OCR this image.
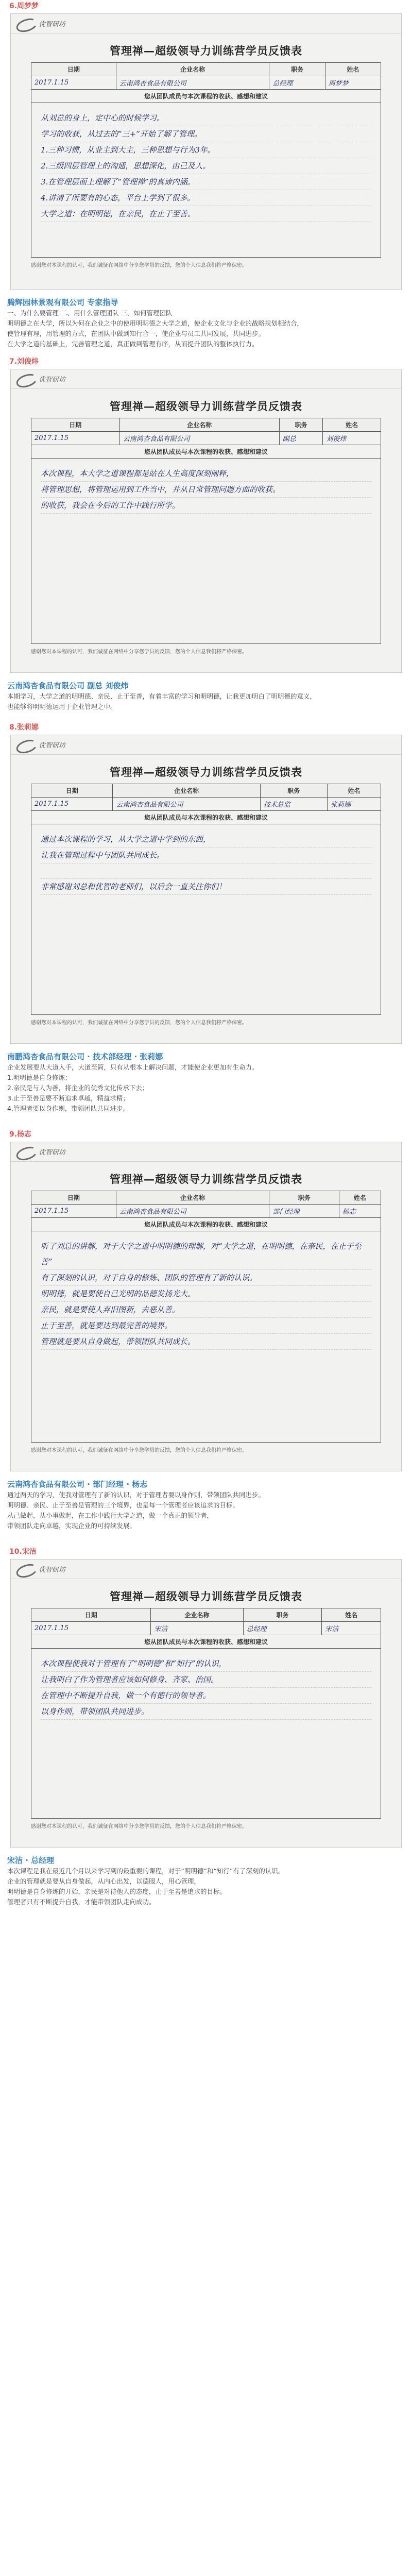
6.周梦梦
优智研坊
管理禅—超级领导力训练营学员反馈表
日期	企业名称	职务	姓名
2017.1.15	云南鸿杏食品有限公司	总经理	周梦梦
您从团队成员与本次课程的收获、感想和建议			
从刘总的身上，定中心的时候学习。
学习的收获，从过去的“三+”开始了解了管理。
1.三种习惯，从业主到大主，三种思想与行为3年。
2.三级四层管理上的沟通，思想深化，由己及人。
3.在管理层面上理解了“管理禅”的真谛内涵。
4.讲清了所要有的心态，平台上学到了很多。
大学之道：在明明德，在亲民，在止于至善。
感谢您对本课程的认可，我们诚征在网络中分享您学员的反馈，您的个人信息我们将严格保密。
腾辉园林景观有限公司 专家指导
一、为什么要管理 二、用什么管理团队 三、如何管理团队
明明德之在大学，所以为何在企业之中的使用明明德之大学之道，使企业文化与企业的战略规划相结合，
使管理有理，用管理的方式，在团队中做到知行合一，使企业与员工共同发展，共同进步。
在大学之道的基础上，完善管理之道，真正做到管理有序，从而提升团队的整体执行力。
7.刘俊炜
优智研坊
管理禅—超级领导力训练营学员反馈表
日期	企业名称	职务	姓名
2017.1.15	云南鸿杏食品有限公司	副总	刘俊炜
您从团队成员与本次课程的收获、感想和建议			
本次课程，本大学之道课程都是站在人生高度深刻阐释，
将管理思想，将管理运用到工作当中，并从日常管理问题方面的收获。
的收获，我会在今后的工作中践行所学。
感谢您对本课程的认可，我们诚征在网络中分享您学员的反馈，您的个人信息我们将严格保密。
云南鸿杏食品有限公司 副总 刘俊炜
本期学习，大学之道的明明德、亲民、止于至善，有着丰富的学习和明明德，让我更加明白了明明德的意义，
也能够将明明德运用于企业管理之中。
8.张莉娜
优智研坊
管理禅—超级领导力训练营学员反馈表
日期	企业名称	职务	姓名
2017.1.15	云南鸿杏食品有限公司	技术总监	张莉娜
您从团队成员与本次课程的收获、感想和建议			
通过本次课程的学习，从大学之道中学到的东西，
让我在管理过程中与团队共同成长。
非常感谢刘总和优智的老师们，以后会一直关注你们！
感谢您对本课程的认可，我们诚征在网络中分享您学员的反馈，您的个人信息我们将严格保密。
南鹏鸿杏食品有限公司 · 技术部经理 · 张莉娜
企业发展要从大道入手，大道至简，只有从根本上解决问题，才能使企业更加有生命力。
1.明明德是自身修炼；
2.亲民是与人为善，将企业的优秀文化传承下去；
3.止于至善是要不断追求卓越，精益求精；
4.管理者要以身作则，带领团队共同进步。
9.杨志
优智研坊
管理禅—超级领导力训练营学员反馈表
日期	企业名称	职务	姓名
2017.1.15	云南鸿杏食品有限公司	部门经理	杨志
您从团队成员与本次课程的收获、感想和建议			
听了刘总的讲解，对于大学之道中明明德的理解，对“大学之道，在明明德，在亲民，在止于至善”
有了深刻的认识，对于自身的修炼、团队的管理有了新的认识。
明明德，就是要使自己光明的品德发扬光大。
亲民，就是要使人弃旧图新，去恶从善。
止于至善，就是要达到最完善的境界。
管理就是要从自身做起，带领团队共同成长。
感谢您对本课程的认可，我们诚征在网络中分享您学员的反馈，您的个人信息我们将严格保密。
云南鸿杏食品有限公司 · 部门经理 · 杨志
通过两天的学习，使我对管理有了新的认识，对于管理者要以身作则，带领团队共同进步。
明明德、亲民、止于至善是管理的三个境界，也是每一个管理者应该追求的目标。
从己做起，从小事做起，在工作中践行大学之道，做一个真正的领导者，
带领团队走向卓越，实现企业的可持续发展。
10.宋洁
优智研坊
管理禅—超级领导力训练营学员反馈表
日期	企业名称	职务	姓名
2017.1.15	宋洁	总经理	宋洁
您从团队成员与本次课程的收获、感想和建议			
本次课程使我对于管理有了“明明德”和“知行”的认识，
让我明白了作为管理者应该如何修身、齐家、治国。
在管理中不断提升自我，做一个有德行的领导者。
以身作则，带领团队共同进步。
感谢您对本课程的认可，我们诚征在网络中分享您学员的反馈，您的个人信息我们将严格保密。
宋洁 · 总经理
本次课程是我在最近几个月以来学习到的最重要的课程，对于“明明德”和“知行”有了深刻的认识。
企业的管理就是要从自身做起，从内心出发，以德服人，用心管理，
明明德是自身修炼的开始，亲民是对待他人的态度，止于至善是追求的目标。
管理者只有不断提升自我，才能带领团队走向成功。
